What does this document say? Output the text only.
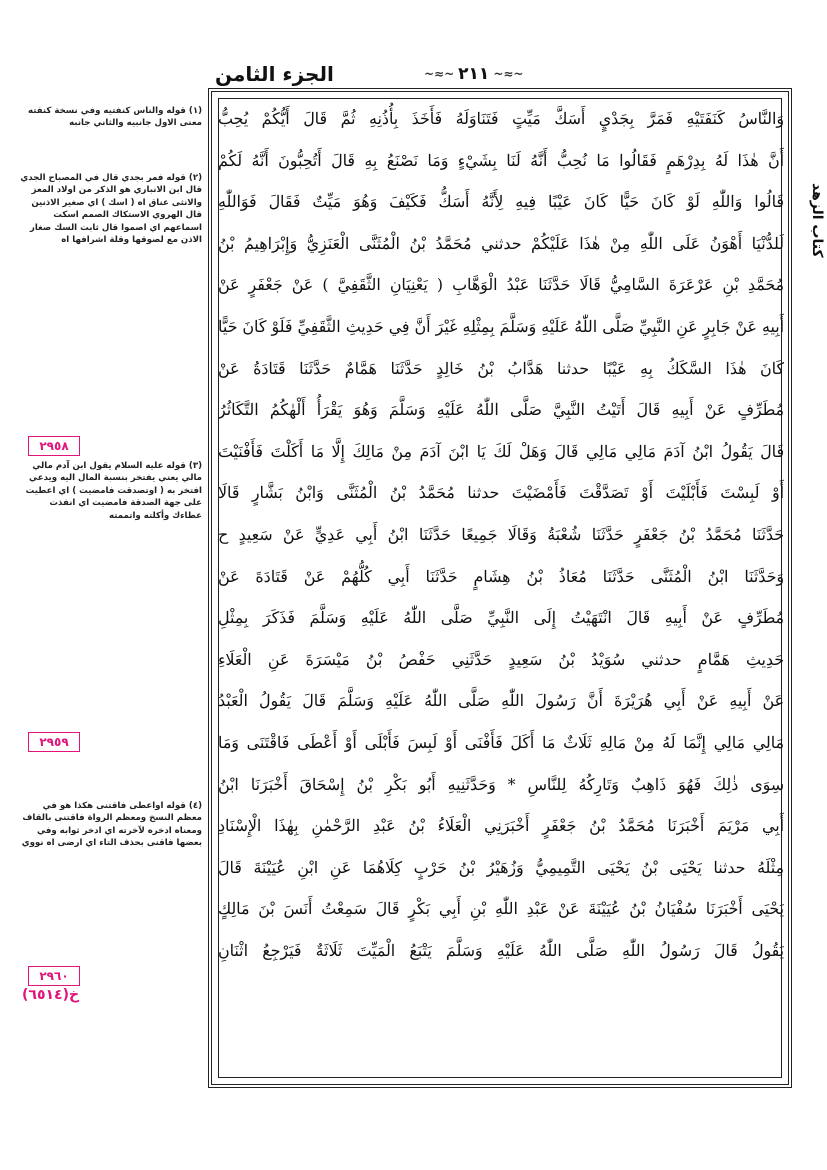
الجزء الثامن
~≈~	٢١١ ~≈~
كتاب الزهد
وَالنَّاسُ كَنَفَتَيْهِ فَمَرَّ بِجَدْيٍ أَسَكَّ مَيِّتٍ فَتَنَاوَلَهُ فَأَخَذَ بِأُذُنِهِ ثُمَّ قَالَ أَيُّكُمْ يُحِبُّ
أَنَّ هٰذَا لَهُ بِدِرْهَمٍ فَقَالُوا مَا نُحِبُّ أَنَّهُ لَنَا بِشَيْءٍ وَمَا نَصْنَعُ بِهِ قَالَ أَتُحِبُّونَ أَنَّهُ لَكُمْ
قَالُوا وَاللّٰهِ لَوْ كَانَ حَيًّا كَانَ عَيْبًا فِيهِ لِأَنَّهُ أَسَكُّ فَكَيْفَ وَهُوَ مَيِّتٌ فَقَالَ فَوَاللّٰهِ
لَلدُّنْيَا أَهْوَنُ عَلَى اللّٰهِ مِنْ هٰذَا عَلَيْكُمْ حدثني مُحَمَّدُ بْنُ الْمُثَنَّى الْعَنَزِيُّ وَإِبْرَاهِيمُ بْنُ
مُحَمَّدِ بْنِ عَرْعَرَةَ السَّامِيُّ قَالَا حَدَّثَنَا عَبْدُ الْوَهَّابِ ( يَعْنِيَانِ الثَّقَفِيَّ ) عَنْ جَعْفَرٍ عَنْ
أَبِيهِ عَنْ جَابِرٍ عَنِ النَّبِيِّ صَلَّى اللّٰهُ عَلَيْهِ وَسَلَّمَ بِمِثْلِهِ غَيْرَ أَنَّ فِي حَدِيثِ الثَّقَفِيِّ فَلَوْ كَانَ حَيًّا
كَانَ هٰذَا السَّكَكُ بِهِ عَيْبًا حدثنا هَدَّابُ بْنُ خَالِدٍ حَدَّثَنَا هَمَّامٌ حَدَّثَنَا قَتَادَةُ عَنْ
مُطَرِّفٍ عَنْ أَبِيهِ قَالَ أَتَيْتُ النَّبِيَّ صَلَّى اللّٰهُ عَلَيْهِ وَسَلَّمَ وَهُوَ يَقْرَأُ أَلْهٰكُمُ التَّكَاثُرُ
قَالَ يَقُولُ ابْنُ آدَمَ مَالِي مَالِي قَالَ وَهَلْ لَكَ يَا ابْنَ آدَمَ مِنْ مَالِكَ إِلَّا مَا أَكَلْتَ فَأَفْنَيْتَ
أَوْ لَبِسْتَ فَأَبْلَيْتَ أَوْ تَصَدَّقْتَ فَأَمْضَيْتَ حدثنا مُحَمَّدُ بْنُ الْمُثَنَّى وَابْنُ بَشَّارٍ قَالَا
حَدَّثَنَا مُحَمَّدُ بْنُ جَعْفَرٍ حَدَّثَنَا شُعْبَةُ وَقَالَا جَمِيعًا حَدَّثَنَا ابْنُ أَبِي عَدِيٍّ عَنْ سَعِيدٍ ح
وَحَدَّثَنَا ابْنُ الْمُثَنَّى حَدَّثَنَا مُعَاذُ بْنُ هِشَامٍ حَدَّثَنَا أَبِي كُلُّهُمْ عَنْ قَتَادَةَ عَنْ
مُطَرِّفٍ عَنْ أَبِيهِ قَالَ انْتَهَيْتُ إِلَى النَّبِيِّ صَلَّى اللّٰهُ عَلَيْهِ وَسَلَّمَ فَذَكَرَ بِمِثْلِ
حَدِيثِ هَمَّامٍ حدثني سُوَيْدُ بْنُ سَعِيدٍ حَدَّثَنِي حَفْصُ بْنُ مَيْسَرَةَ عَنِ الْعَلَاءِ
عَنْ أَبِيهِ عَنْ أَبِي هُرَيْرَةَ أَنَّ رَسُولَ اللّٰهِ صَلَّى اللّٰهُ عَلَيْهِ وَسَلَّمَ قَالَ يَقُولُ الْعَبْدُ
مَالِي مَالِي إِنَّمَا لَهُ مِنْ مَالِهِ ثَلَاثٌ مَا أَكَلَ فَأَفْنَى أَوْ لَبِسَ فَأَبْلَى أَوْ أَعْطَى فَاقْتَنَى وَمَا
سِوَى ذٰلِكَ فَهُوَ ذَاهِبٌ وَتَارِكُهُ لِلنَّاسِ * وَحَدَّثَنِيهِ أَبُو بَكْرِ بْنُ إِسْحَاقَ أَخْبَرَنَا ابْنُ
أَبِي مَرْيَمَ أَخْبَرَنَا مُحَمَّدُ بْنُ جَعْفَرٍ أَخْبَرَنِي الْعَلَاءُ بْنُ عَبْدِ الرَّحْمٰنِ بِهٰذَا الْإِسْنَادِ
مِثْلَهُ حدثنا يَحْيَى بْنُ يَحْيَى التَّمِيمِيُّ وَزُهَيْرُ بْنُ حَرْبٍ كِلَاهُمَا عَنِ ابْنِ عُيَيْنَةَ قَالَ
يَحْيَى أَخْبَرَنَا سُفْيَانُ بْنُ عُيَيْنَةَ عَنْ عَبْدِ اللّٰهِ بْنِ أَبِي بَكْرٍ قَالَ سَمِعْتُ أَنَسَ بْنَ مَالِكٍ
يَقُولُ قَالَ رَسُولُ اللّٰهِ صَلَّى اللّٰهُ عَلَيْهِ وَسَلَّمَ يَتْبَعُ الْمَيِّتَ ثَلَاثَةٌ فَيَرْجِعُ اثْنَانِ
(١) قوله والناس كنفتيه وفي نسخة كنفته معنى الاول جانبيه والثاني جانبه
(٢) قوله فمر بجدي قال في المصباح الجدي قال ابن الانباري هو الذكر من اولاد المعز والانثى عناق اه ( اسك ) اي صغير الاذنين قال الهروي الاستكاك الصمم اسكت اسماعهم اي اصموا قال ثابت السك صغار الاذن مع لصوقها وقلة اشرافها اه
(٣) قوله عليه السلام يقول ابن آدم مالي مالي يعني يفتخر بنسبة المال اليه ويدعي افتخر به ( اوتصدقت فامضيت ) اي اعطيت على جهة الصدقة فامضيت اي انفذت عطاءك وأكلته واتممته
(٤) قوله اواعطى فاقتنى هكذا هو في معظم النسخ ومعظم الرواة فاقتنى بالقاف ومعناه ادخره لآخرته اي ادخر ثوابه وفي بعضها فاقنى بحذف التاء اي ارضى اه نووي
٢٩٥٨
٢٩٥٩
٢٩٦٠
خ(٦٥١٤)
